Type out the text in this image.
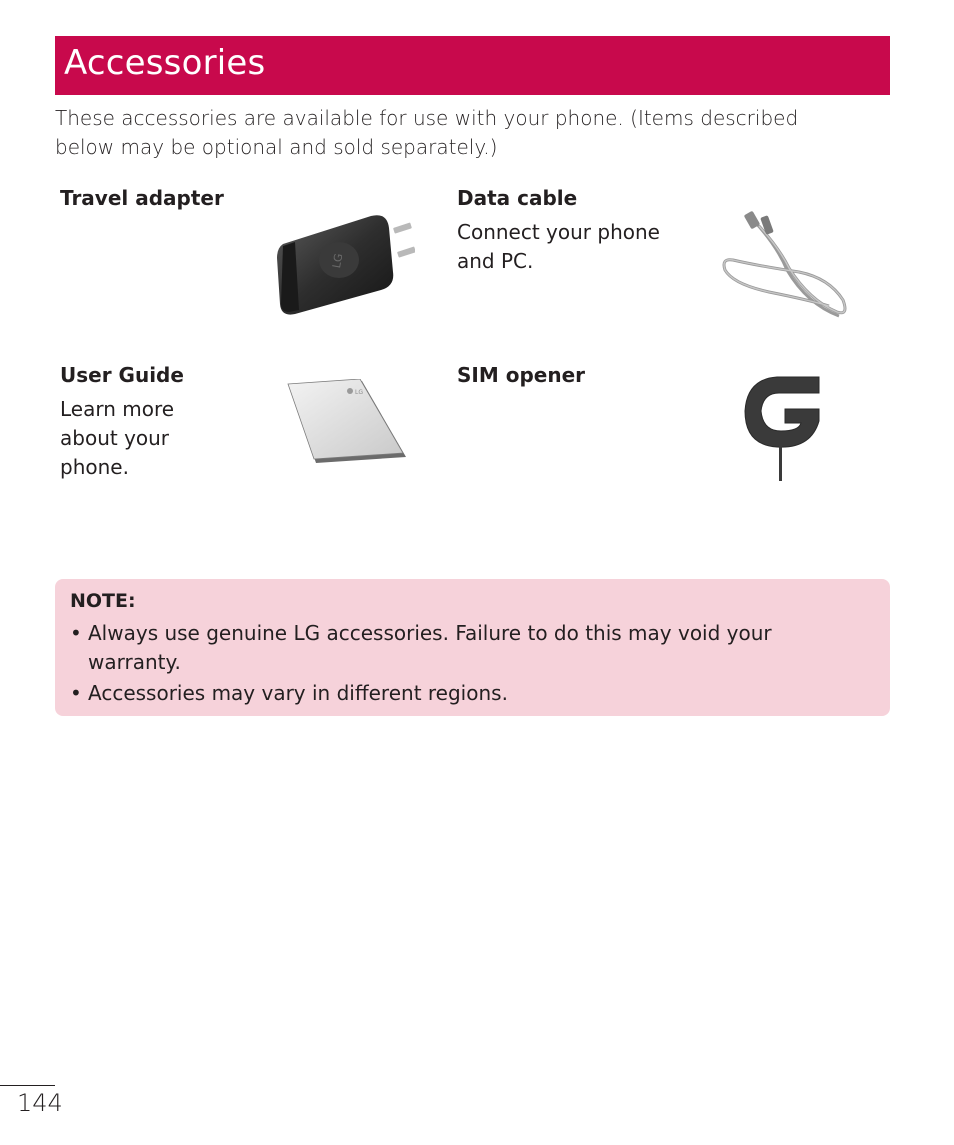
Accessories

These accessories are available for use with your phone. (Items described below may be optional and sold separately.)

Travel adapter

LG

Data cable

Connect your phone and PC.

User Guide

Learn more about your phone.

LG

SIM opener

NOTE:

• Always use genuine LG accessories. Failure to do this may void your warranty.
• Accessories may vary in different regions.
144
